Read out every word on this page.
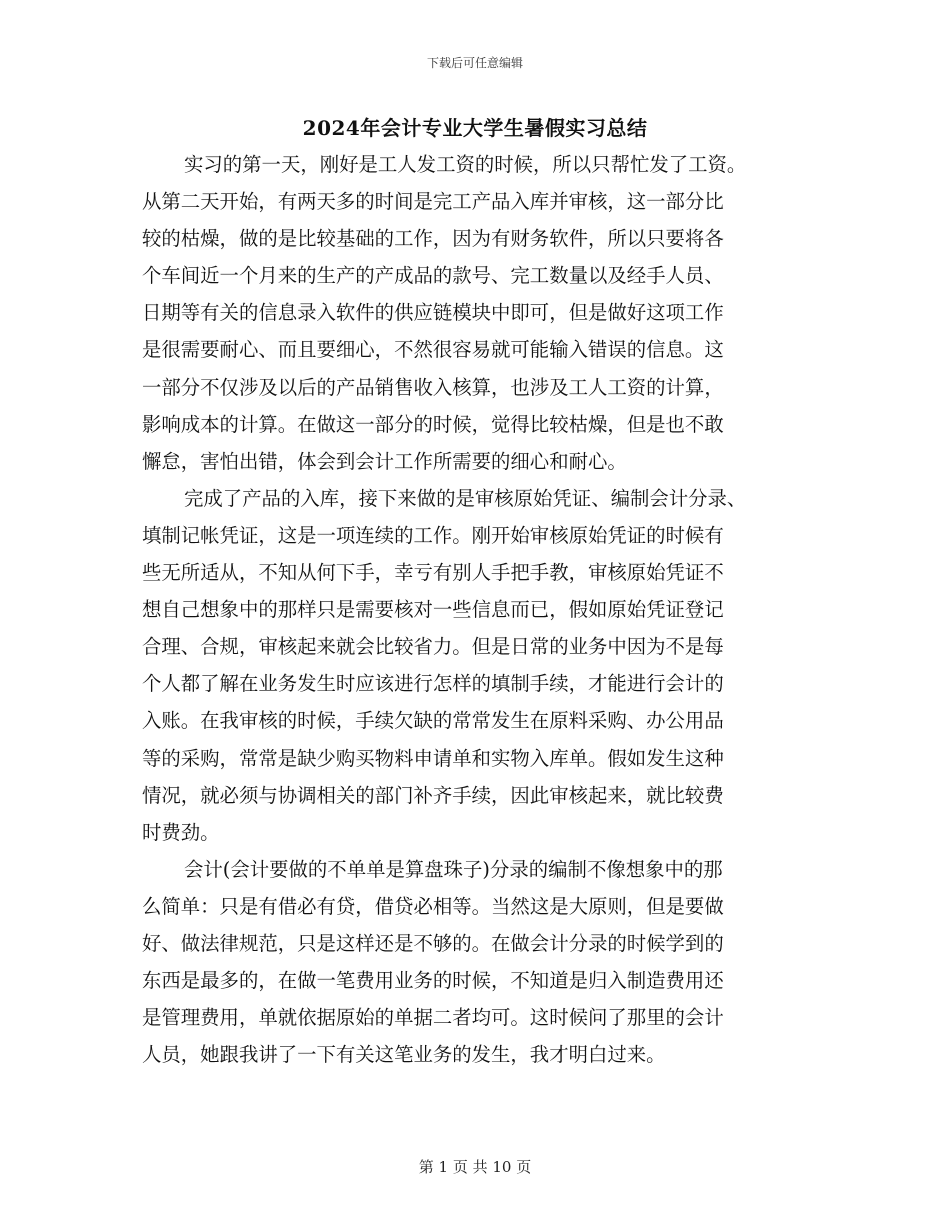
下载后可任意编辑
2024年会计专业大学生暑假实习总结
实习的第一天，刚好是工人发工资的时候，所以只帮忙发了工资。
从第二天开始，有两天多的时间是完工产品入库并审核，这一部分比
较的枯燥，做的是比较基础的工作，因为有财务软件，所以只要将各
个车间近一个月来的生产的产成品的款号、完工数量以及经手人员、
日期等有关的信息录入软件的供应链模块中即可，但是做好这项工作
是很需要耐心、而且要细心，不然很容易就可能输入错误的信息。这
一部分不仅涉及以后的产品销售收入核算，也涉及工人工资的计算，
影响成本的计算。在做这一部分的时候，觉得比较枯燥，但是也不敢
懈怠，害怕出错，体会到会计工作所需要的细心和耐心。
完成了产品的入库，接下来做的是审核原始凭证、编制会计分录、
填制记帐凭证，这是一项连续的工作。刚开始审核原始凭证的时候有
些无所适从，不知从何下手，幸亏有别人手把手教，审核原始凭证不
想自己想象中的那样只是需要核对一些信息而已，假如原始凭证登记
合理、合规，审核起来就会比较省力。但是日常的业务中因为不是每
个人都了解在业务发生时应该进行怎样的填制手续，才能进行会计的
入账。在我审核的时候，手续欠缺的常常发生在原料采购、办公用品
等的采购，常常是缺少购买物料申请单和实物入库单。假如发生这种
情况，就必须与协调相关的部门补齐手续，因此审核起来，就比较费
时费劲。
会计(会计要做的不单单是算盘珠子)分录的编制不像想象中的那
么简单：只是有借必有贷，借贷必相等。当然这是大原则，但是要做
好、做法律规范，只是这样还是不够的。在做会计分录的时候学到的
东西是最多的，在做一笔费用业务的时候，不知道是归入制造费用还
是管理费用，单就依据原始的单据二者均可。这时候问了那里的会计
人员，她跟我讲了一下有关这笔业务的发生，我才明白过来。
第 1 页 共 10 页
